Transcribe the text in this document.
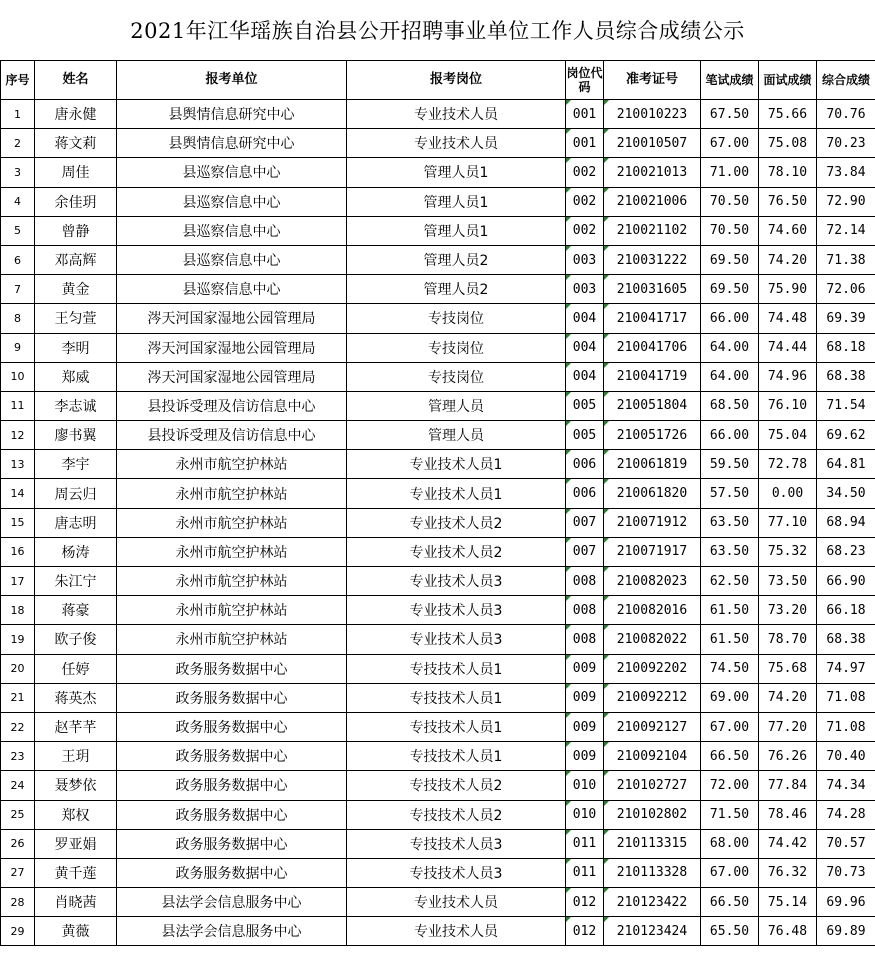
2021年江华瑶族自治县公开招聘事业单位工作人员综合成绩公示
序号	姓名	报考单位	报考岗位	岗位代码	准考证号	笔试成绩	面试成绩	综合成绩
1	唐永健	县舆情信息研究中心	专业技术人员	001	210010223	67.50	75.66	70.76
2	蒋文莉	县舆情信息研究中心	专业技术人员	001	210010507	67.00	75.08	70.23
3	周佳	县巡察信息中心	管理人员1	002	210021013	71.00	78.10	73.84
4	余佳玥	县巡察信息中心	管理人员1	002	210021006	70.50	76.50	72.90
5	曾静	县巡察信息中心	管理人员1	002	210021102	70.50	74.60	72.14
6	邓高辉	县巡察信息中心	管理人员2	003	210031222	69.50	74.20	71.38
7	黄金	县巡察信息中心	管理人员2	003	210031605	69.50	75.90	72.06
8	王匀萱	涔天河国家湿地公园管理局	专技岗位	004	210041717	66.00	74.48	69.39
9	李明	涔天河国家湿地公园管理局	专技岗位	004	210041706	64.00	74.44	68.18
10	郑威	涔天河国家湿地公园管理局	专技岗位	004	210041719	64.00	74.96	68.38
11	李志诚	县投诉受理及信访信息中心	管理人员	005	210051804	68.50	76.10	71.54
12	廖书翼	县投诉受理及信访信息中心	管理人员	005	210051726	66.00	75.04	69.62
13	李宇	永州市航空护林站	专业技术人员1	006	210061819	59.50	72.78	64.81
14	周云归	永州市航空护林站	专业技术人员1	006	210061820	57.50	0.00	34.50
15	唐志明	永州市航空护林站	专业技术人员2	007	210071912	63.50	77.10	68.94
16	杨涛	永州市航空护林站	专业技术人员2	007	210071917	63.50	75.32	68.23
17	朱江宁	永州市航空护林站	专业技术人员3	008	210082023	62.50	73.50	66.90
18	蒋豪	永州市航空护林站	专业技术人员3	008	210082016	61.50	73.20	66.18
19	欧子俊	永州市航空护林站	专业技术人员3	008	210082022	61.50	78.70	68.38
20	任婷	政务服务数据中心	专技技术人员1	009	210092202	74.50	75.68	74.97
21	蒋英杰	政务服务数据中心	专技技术人员1	009	210092212	69.00	74.20	71.08
22	赵芊芊	政务服务数据中心	专技技术人员1	009	210092127	67.00	77.20	71.08
23	王玥	政务服务数据中心	专技技术人员1	009	210092104	66.50	76.26	70.40
24	聂梦依	政务服务数据中心	专技技术人员2	010	210102727	72.00	77.84	74.34
25	郑权	政务服务数据中心	专技技术人员2	010	210102802	71.50	78.46	74.28
26	罗亚娟	政务服务数据中心	专技技术人员3	011	210113315	68.00	74.42	70.57
27	黄千莲	政务服务数据中心	专技技术人员3	011	210113328	67.00	76.32	70.73
28	肖晓茜	县法学会信息服务中心	专业技术人员	012	210123422	66.50	75.14	69.96
29	黄薇	县法学会信息服务中心	专业技术人员	012	210123424	65.50	76.48	69.89
